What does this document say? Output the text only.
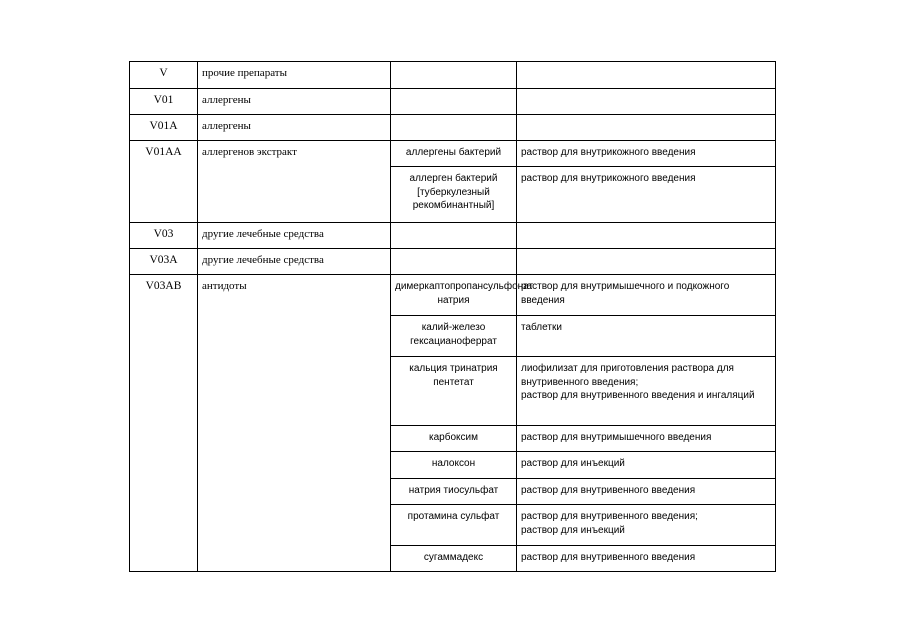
V	прочие препараты		
V01	аллергены		
V01A	аллергены		
V01AA	аллергенов экстракт	аллергены бактерий	раствор для внутрикожного введения
		аллерген бактерий [туберкулезный рекомбинантный]	раствор для внутрикожного введения
V03	другие лечебные средства		
V03A	другие лечебные средства		
V03AB	антидоты	димеркаптопропансульфонат натрия	раствор для внутримышечного и подкожного введения
		калий-железо гексацианоферрат	таблетки
		кальция тринатрия пентетат	лиофилизат для приготовления раствора для внутривенного введения;
раствор для внутривенного введения и ингаляций
		карбоксим	раствор для внутримышечного введения
		налоксон	раствор для инъекций
		натрия тиосульфат	раствор для внутривенного введения
		протамина сульфат	раствор для внутривенного введения;
раствор для инъекций
		сугаммадекс	раствор для внутривенного введения
